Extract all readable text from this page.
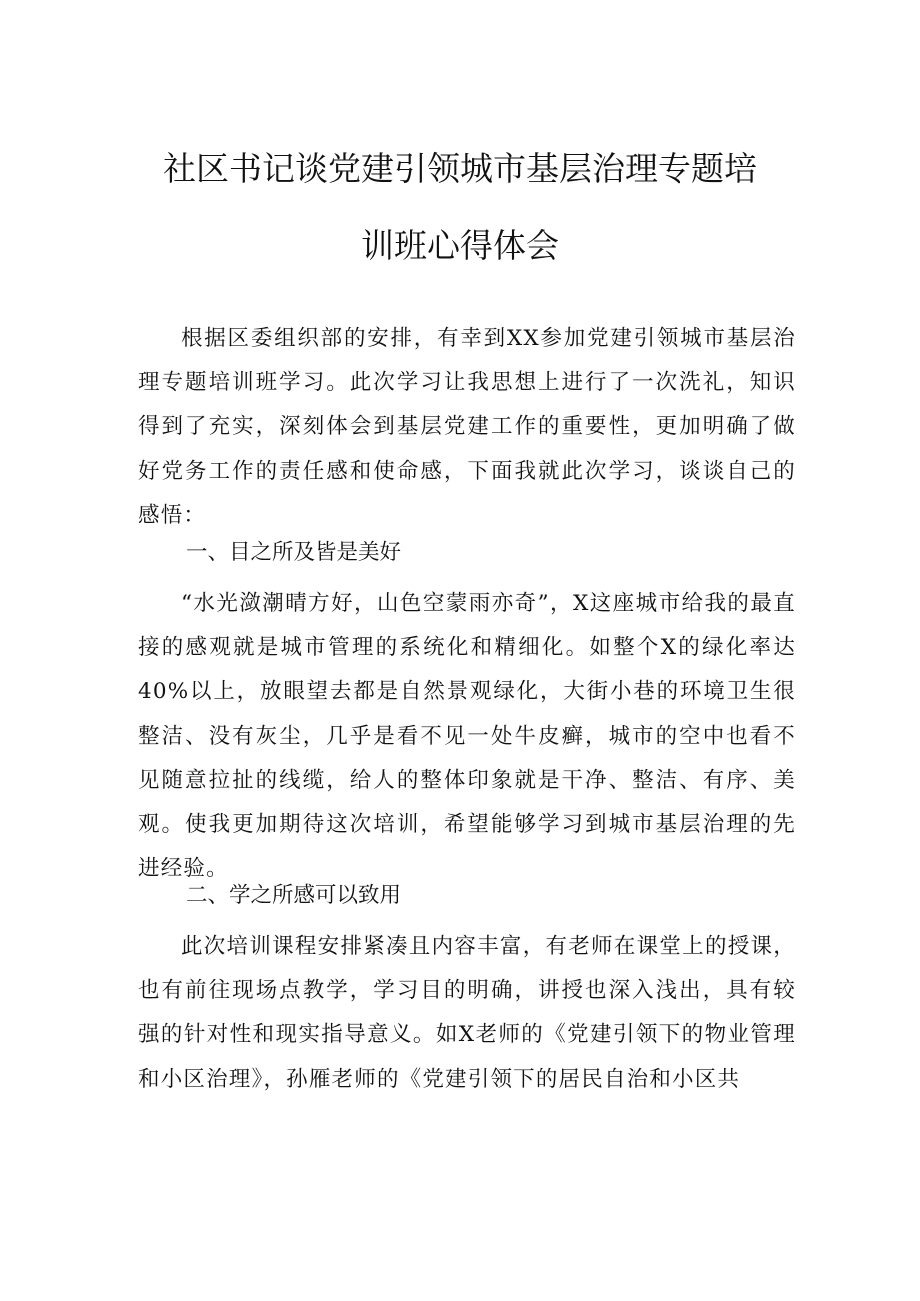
社区书记谈党建引领城市基层治理专题培
训班心得体会
根据区委组织部的安排，有幸到XX参加党建引领城市基层治理专题培训班学习。此次学习让我思想上进行了一次洗礼，知识得到了充实，深刻体会到基层党建工作的重要性，更加明确了做好党务工作的责任感和使命感，下面我就此次学习，谈谈自己的感悟：
一、目之所及皆是美好
“水光潋潮晴方好，山色空蒙雨亦奇”，X这座城市给我的最直接的感观就是城市管理的系统化和精细化。如整个X的绿化率达40%以上，放眼望去都是自然景观绿化，大街小巷的环境卫生很整洁、没有灰尘，几乎是看不见一处牛皮癣，城市的空中也看不见随意拉扯的线缆，给人的整体印象就是干净、整洁、有序、美观。使我更加期待这次培训，希望能够学习到城市基层治理的先进经验。
二、学之所感可以致用
此次培训课程安排紧凑且内容丰富，有老师在课堂上的授课，也有前往现场点教学，学习目的明确，讲授也深入浅出，具有较强的针对性和现实指导意义。如X老师的《党建引领下的物业管理和小区治理》，孙雁老师的《党建引领下的居民自治和小区共
